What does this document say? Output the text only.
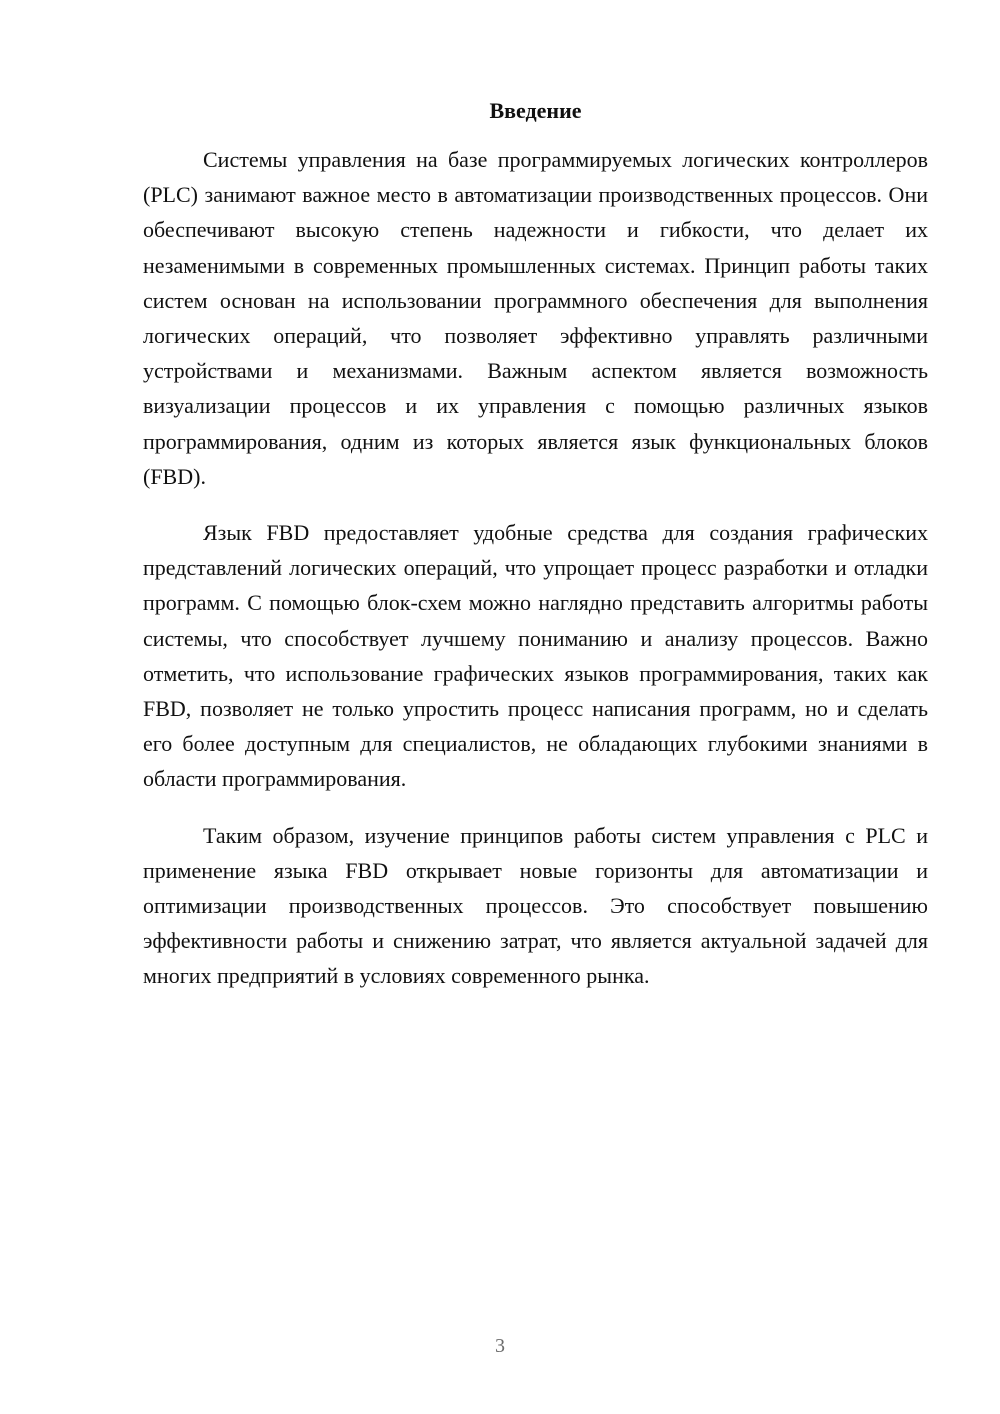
Введение

Системы управления на базе программируемых логических контроллеров (PLC) занимают важное место в автоматизации производственных процессов. Они обеспечивают высокую степень надежности и гибкости, что делает их незаменимыми в современных промышленных системах. Принцип работы таких систем основан на использовании программного обеспечения для выполнения логических операций, что позволяет эффективно управлять различными устройствами и механизмами. Важным аспектом является возможность визуализации процессов и их управления с помощью различных языков программирования, одним из которых является язык функциональных блоков (FBD).

Язык FBD предоставляет удобные средства для создания графических представлений логических операций, что упрощает процесс разработки и отладки программ. С помощью блок-схем можно наглядно представить алгоритмы работы системы, что способствует лучшему пониманию и анализу процессов. Важно отметить, что использование графических языков программирования, таких как FBD, позволяет не только упростить процесс написания программ, но и сделать его более доступным для специалистов, не обладающих глубокими знаниями в области программирования.

Таким образом, изучение принципов работы систем управления с PLC и применение языка FBD открывает новые горизонты для автоматизации и оптимизации производственных процессов. Это способствует повышению эффективности работы и снижению затрат, что является актуальной задачей для многих предприятий в условиях современного рынка.

3
